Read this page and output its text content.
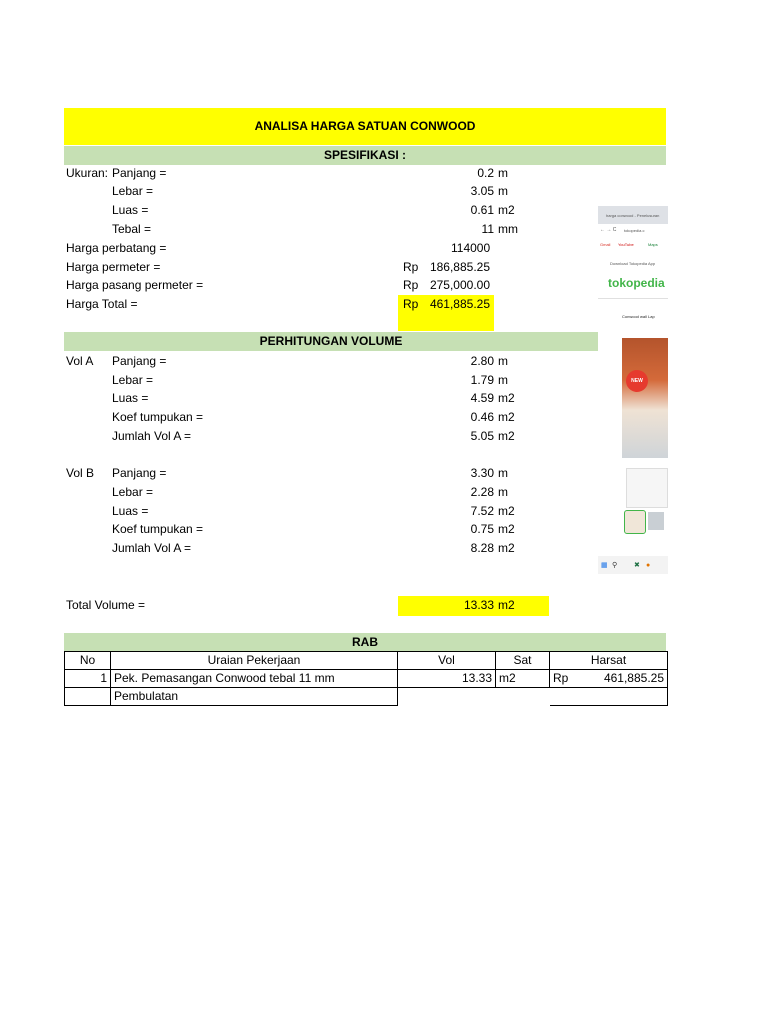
ANALISA HARGA SATUAN CONWOOD
SPESIFIKASI :
Ukuran: Panjang =	0.2 m
Lebar =	3.05 m
Luas =	0.61 m2
Tebal =	11 mm
Harga perbatang =	114000
Harga permeter =	Rp 186,885.25
Harga pasang permeter =	Rp 275,000.00
Harga Total =	Rp 461,885.25
PERHITUNGAN VOLUME
Vol A Panjang =	2.80 m
Lebar =	1.79 m
Luas =	4.59 m2
Koef tumpukan =	0.46 m2
Jumlah Vol A =	5.05 m2
Vol B Panjang =	3.30 m
Lebar =	2.28 m
Luas =	7.52 m2
Koef tumpukan =	0.75 m2
Jumlah Vol A =	8.28 m2
Total Volume =	13.33 m2
harga conwood - Penelusuran
← → C tokopedia.c
Gmail YouTube	Maps
Download Tokopedia App
tokopedia
Conwood wall Lap
NEW
▦ ⚲ ✖ ●
RAB
No	Uraian Pekerjaan	Vol	Sat	Harsat
1	Pek. Pemasangan Conwood tebal 11 mm	13.33	m2	Rp 461,885.25

	Pembulatan			
